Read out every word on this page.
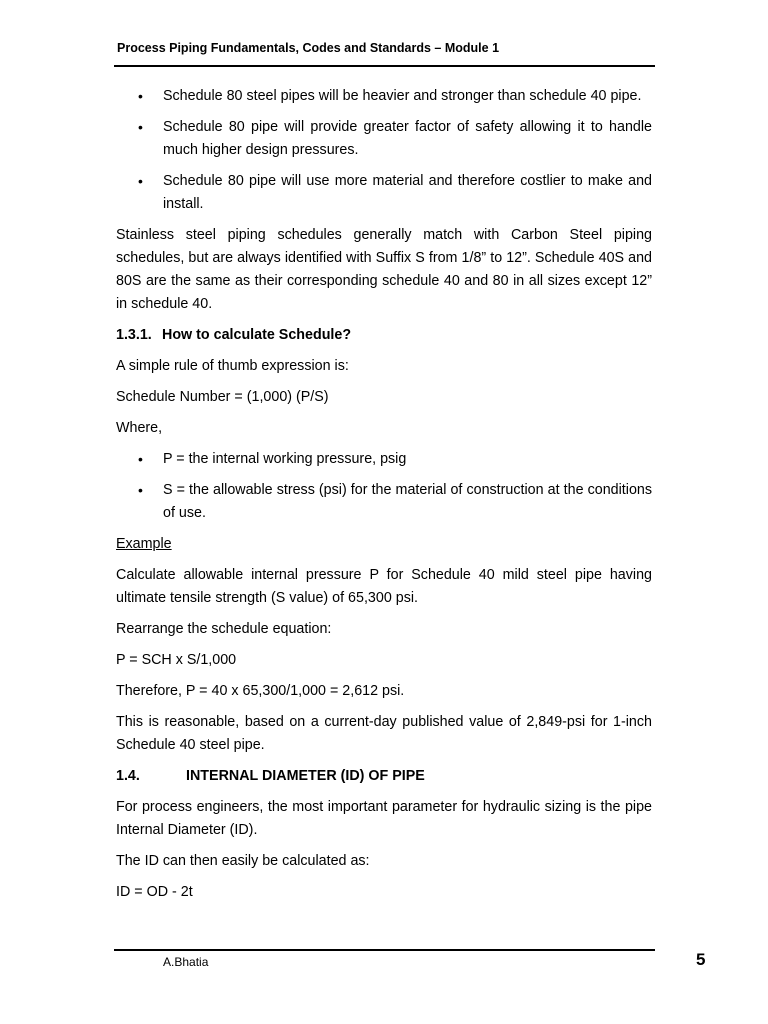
Process Piping Fundamentals, Codes and Standards – Module 1
• Schedule 80 steel pipes will be heavier and stronger than schedule 40 pipe.
• Schedule 80 pipe will provide greater factor of safety allowing it to handle much higher design pressures.
• Schedule 80 pipe will use more material and therefore costlier to make and install.

Stainless steel piping schedules generally match with Carbon Steel piping schedules, but are always identified with Suffix S from 1/8” to 12”. Schedule 40S and 80S are the same as their corresponding schedule 40 and 80 in all sizes except 12” in schedule 40.

1.3.1. How to calculate Schedule?

A simple rule of thumb expression is:

Schedule Number = (1,000) (P/S)

Where,

• P = the internal working pressure, psig
• S = the allowable stress (psi) for the material of construction at the conditions of use.

Example

Calculate allowable internal pressure P for Schedule 40 mild steel pipe having ultimate tensile strength (S value) of 65,300 psi.

Rearrange the schedule equation:

P = SCH x S/1,000

Therefore, P = 40 x 65,300/1,000 = 2,612 psi.

This is reasonable, based on a current-day published value of 2,849-psi for 1-inch Schedule 40 steel pipe.

1.4.	INTERNAL DIAMETER (ID) OF PIPE

For process engineers, the most important parameter for hydraulic sizing is the pipe Internal Diameter (ID).

The ID can then easily be calculated as:

ID = OD - 2t

A.Bhatia	5
